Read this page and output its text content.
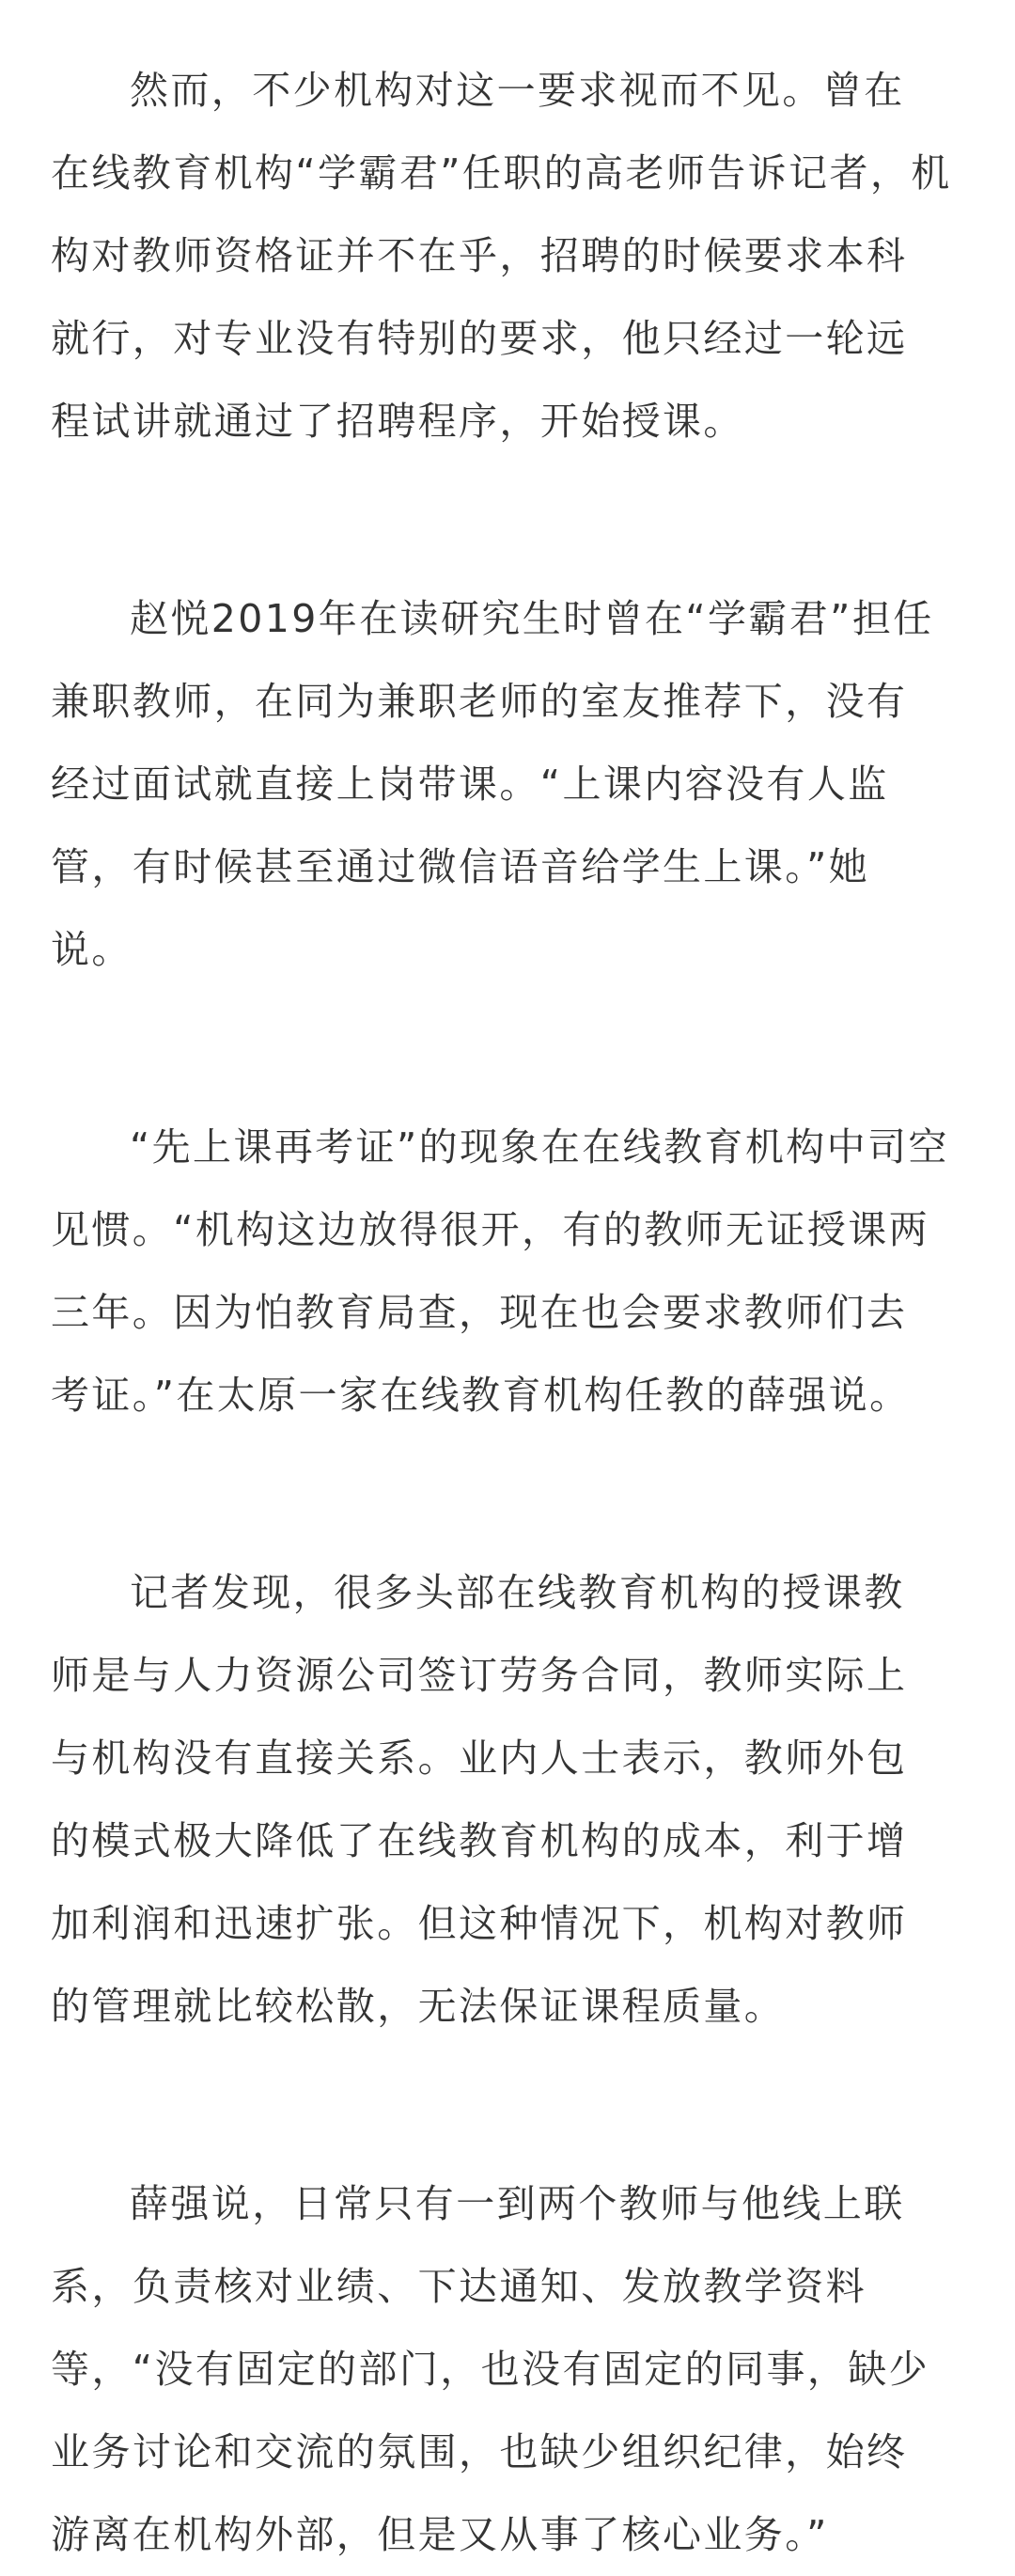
然而，不少机构对这一要求视而不见。曾在
在线教育机构“学霸君”任职的高老师告诉记者，机
构对教师资格证并不在乎，招聘的时候要求本科
就行，对专业没有特别的要求，他只经过一轮远
程试讲就通过了招聘程序，开始授课。
赵悦2019年在读研究生时曾在“学霸君”担任
兼职教师，在同为兼职老师的室友推荐下，没有
经过面试就直接上岗带课。“上课内容没有人监
管，有时候甚至通过微信语音给学生上课。”她
说。
“先上课再考证”的现象在在线教育机构中司空
见惯。“机构这边放得很开，有的教师无证授课两
三年。因为怕教育局查，现在也会要求教师们去
考证。”在太原一家在线教育机构任教的薛强说。
记者发现，很多头部在线教育机构的授课教
师是与人力资源公司签订劳务合同，教师实际上
与机构没有直接关系。业内人士表示，教师外包
的模式极大降低了在线教育机构的成本，利于增
加利润和迅速扩张。但这种情况下，机构对教师
的管理就比较松散，无法保证课程质量。
薛强说，日常只有一到两个教师与他线上联
系，负责核对业绩、下达通知、发放教学资料
等，“没有固定的部门，也没有固定的同事，缺少
业务讨论和交流的氛围，也缺少组织纪律，始终
游离在机构外部，但是又从事了核心业务。”
